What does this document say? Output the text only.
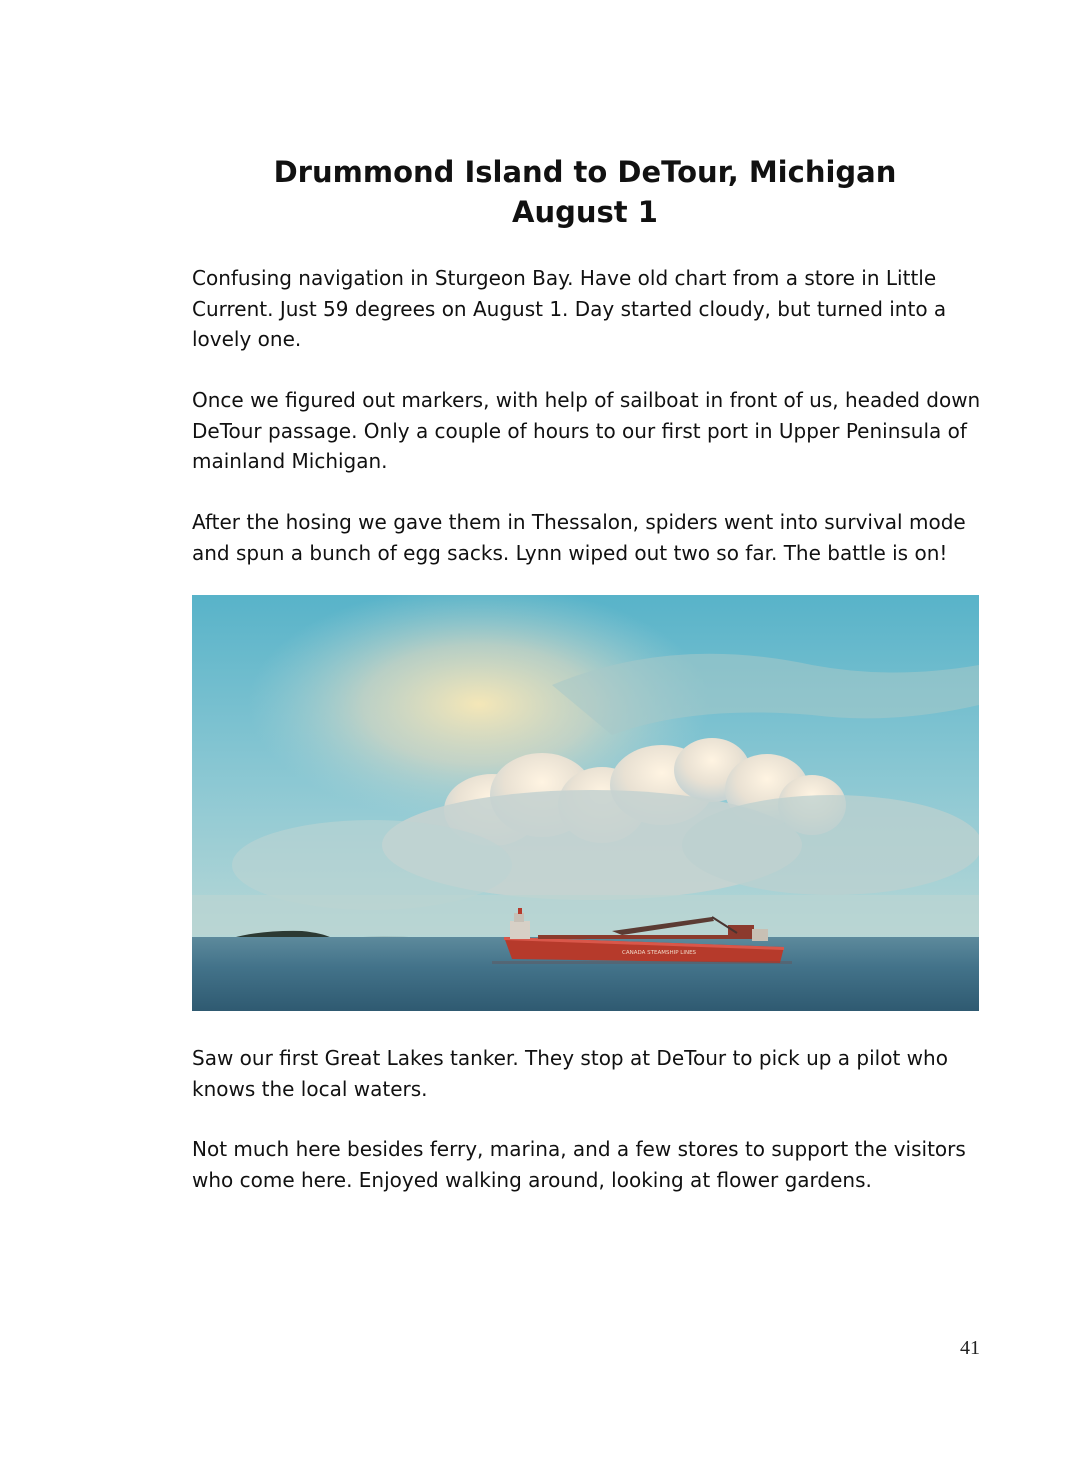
Drummond Island to DeTour, Michigan
August 1

Confusing navigation in Sturgeon Bay. Have old chart from a store in Little Current. Just 59 degrees on August 1. Day started cloudy, but turned into a lovely one.

Once we figured out markers, with help of sailboat in front of us, headed down DeTour passage. Only a couple of hours to our first port in Upper Peninsula of mainland Michigan.

After the hosing we gave them in Thessalon, spiders went into survival mode and spun a bunch of egg sacks. Lynn wiped out two so far. The battle is on!

CANADA STEAMSHIP LINES

Saw our first Great Lakes tanker. They stop at DeTour to pick up a pilot who knows the local waters.

Not much here besides ferry, marina, and a few stores to support the visitors who come here. Enjoyed walking around, looking at flower gardens.

41
